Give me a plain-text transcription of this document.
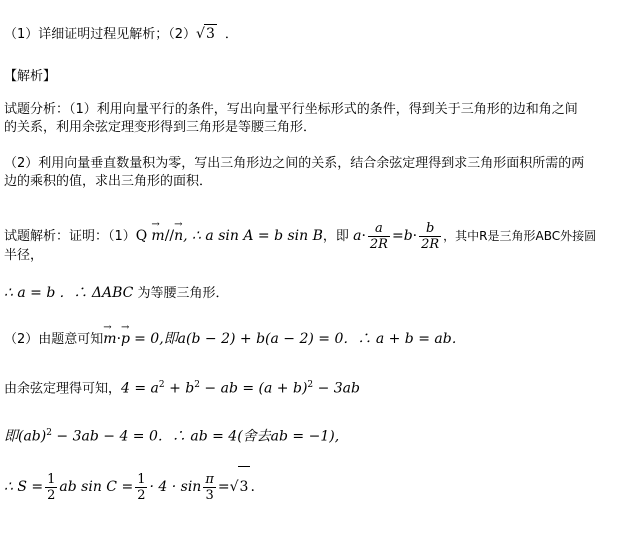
（1）详细证明过程见解析；（2）√3 ．
【解析】
试题分析：（1）利用向量平行的条件，写出向量平行坐标形式的条件，得到关于三角形的边和角之间
的关系，利用余弦定理变形得到三角形是等腰三角形．
（2）利用向量垂直数量积为零，写出三角形边之间的关系，结合余弦定理得到求三角形面积所需的两
边的乘积的值，求出三角形的面积．
试题解析：证明：（1）Q → m//→ n, ∴ a sin A = b sin B，即 $a\cdot \frac{a}{2R} =b\cdot \frac{b}{2R}$ ，其中R是三角形ABC外接圆
半径，
∴ a = b ．∴ ΔABC 为等腰三角形．
（2）由题意可知→ m·→ p = 0,即a(b − 2) + b(a − 2) = 0．∴ a + b = ab．
由余弦定理得可知，$4 = a^2 + b^2$ − ab = $(a + b)^2 - 3ab$
即(ab)$^2$ − 3ab − 4 = 0．∴ ab = 4(舍去ab = −1),
∴ $S = \frac{1}{2}$ ab $\sin C = \frac{1}{2} \cdot 4 \cdot \sin \frac{\pi}{3} =√3$ .
